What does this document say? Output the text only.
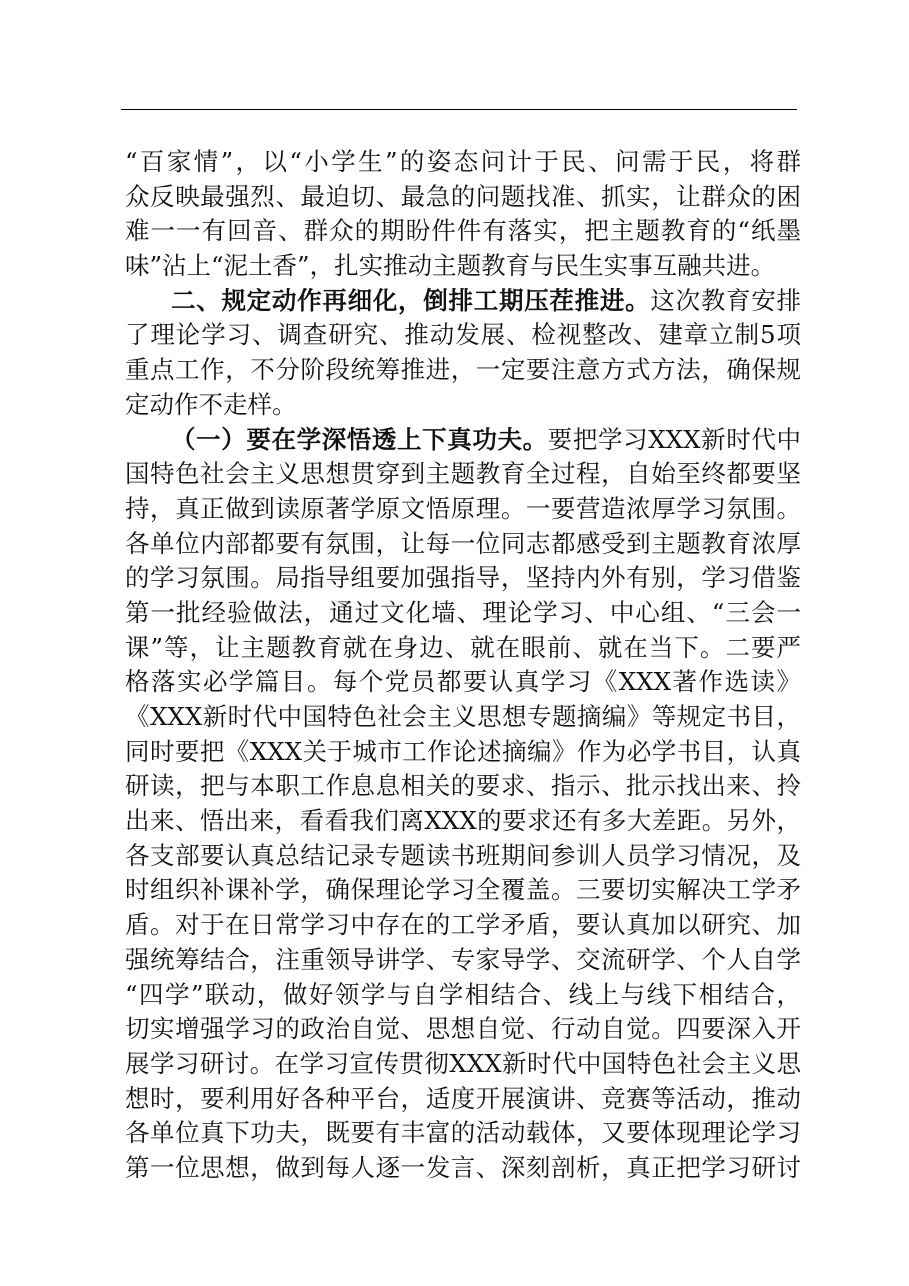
“百家情”，以“小学生”的姿态问计于民、问需于民，将群
众反映最强烈、最迫切、最急的问题找准、抓实，让群众的困
难一一有回音、群众的期盼件件有落实，把主题教育的“纸墨
味”沾上“泥土香”，扎实推动主题教育与民生实事互融共进。
二、规定动作再细化，倒排工期压茬推进。这次教育安排
了理论学习、调查研究、推动发展、检视整改、建章立制5项
重点工作，不分阶段统筹推进，一定要注意方式方法，确保规
定动作不走样。
（一）要在学深悟透上下真功夫。要把学习XXX新时代中
国特色社会主义思想贯穿到主题教育全过程，自始至终都要坚
持，真正做到读原著学原文悟原理。一要营造浓厚学习氛围。
各单位内部都要有氛围，让每一位同志都感受到主题教育浓厚
的学习氛围。局指导组要加强指导，坚持内外有别，学习借鉴
第一批经验做法，通过文化墙、理论学习、中心组、“三会一
课”等，让主题教育就在身边、就在眼前、就在当下。二要严
格落实必学篇目。每个党员都要认真学习《XXX著作选读》
《XXX新时代中国特色社会主义思想专题摘编》等规定书目，
同时要把《XXX关于城市工作论述摘编》作为必学书目，认真
研读，把与本职工作息息相关的要求、指示、批示找出来、拎
出来、悟出来，看看我们离XXX的要求还有多大差距。另外，
各支部要认真总结记录专题读书班期间参训人员学习情况，及
时组织补课补学，确保理论学习全覆盖。三要切实解决工学矛
盾。对于在日常学习中存在的工学矛盾，要认真加以研究、加
强统筹结合，注重领导讲学、专家导学、交流研学、个人自学
“四学”联动，做好领学与自学相结合、线上与线下相结合，
切实增强学习的政治自觉、思想自觉、行动自觉。四要深入开
展学习研讨。在学习宣传贯彻XXX新时代中国特色社会主义思
想时，要利用好各种平台，适度开展演讲、竞赛等活动，推动
各单位真下功夫，既要有丰富的活动载体，又要体现理论学习
第一位思想，做到每人逐一发言、深刻剖析，真正把学习研讨
